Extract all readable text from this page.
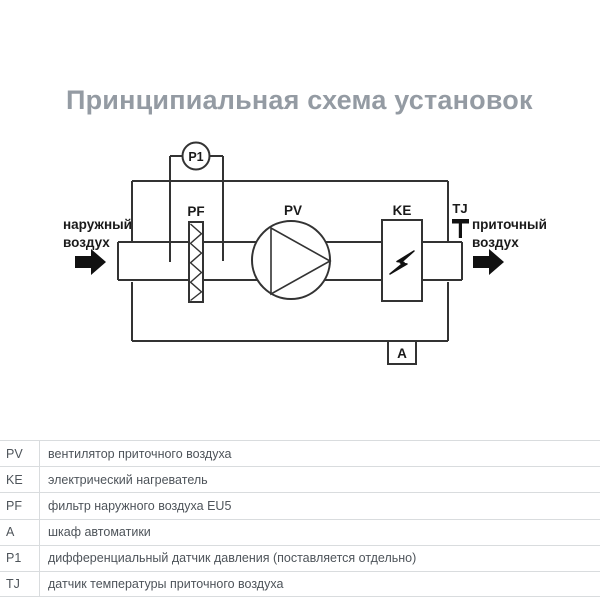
Принципиальная схема установок
P1
PF	PV	KE	TJ
A
наружный
воздух
приточный
воздух
PV	вентилятор приточного воздуха
KE	электрический нагреватель
PF	фильтр наружного воздуха EU5
A	шкаф автоматики
P1	дифференциальный датчик давления (поставляется отдельно)
TJ	датчик температуры приточного воздуха
